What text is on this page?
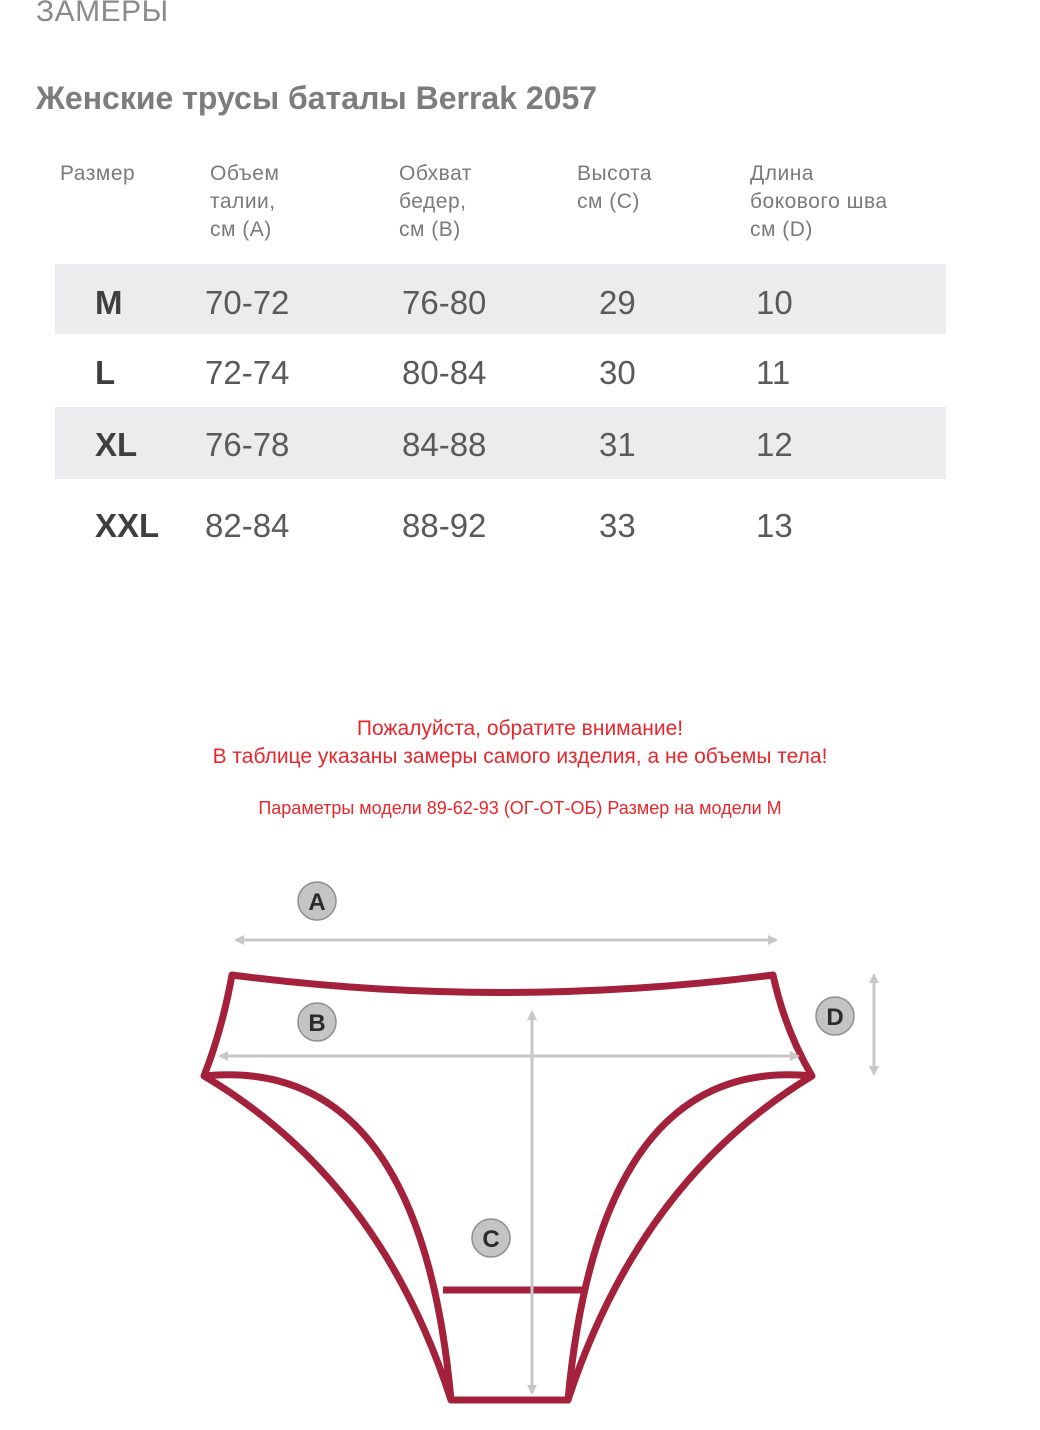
ЗАМЕРЫ
Женские трусы баталы Berrak 2057
Размер	Объем
талии,
см (А)
Обхват
бедер,
см (В)
Высота
см (С)
Длина
бокового шва
см (D)
M	70-72	76-80	29	10
L	72-74	80-84	30	11
XL 76-78	84-88	31	12
XXL 82-84	88-92	33	13
Пожалуйста, обратите внимание!
В таблице указаны замеры самого изделия, а не объемы тела!
Параметры модели 89-62-93 (ОГ-ОТ-ОБ) Размер на модели М
A
B
C
D
